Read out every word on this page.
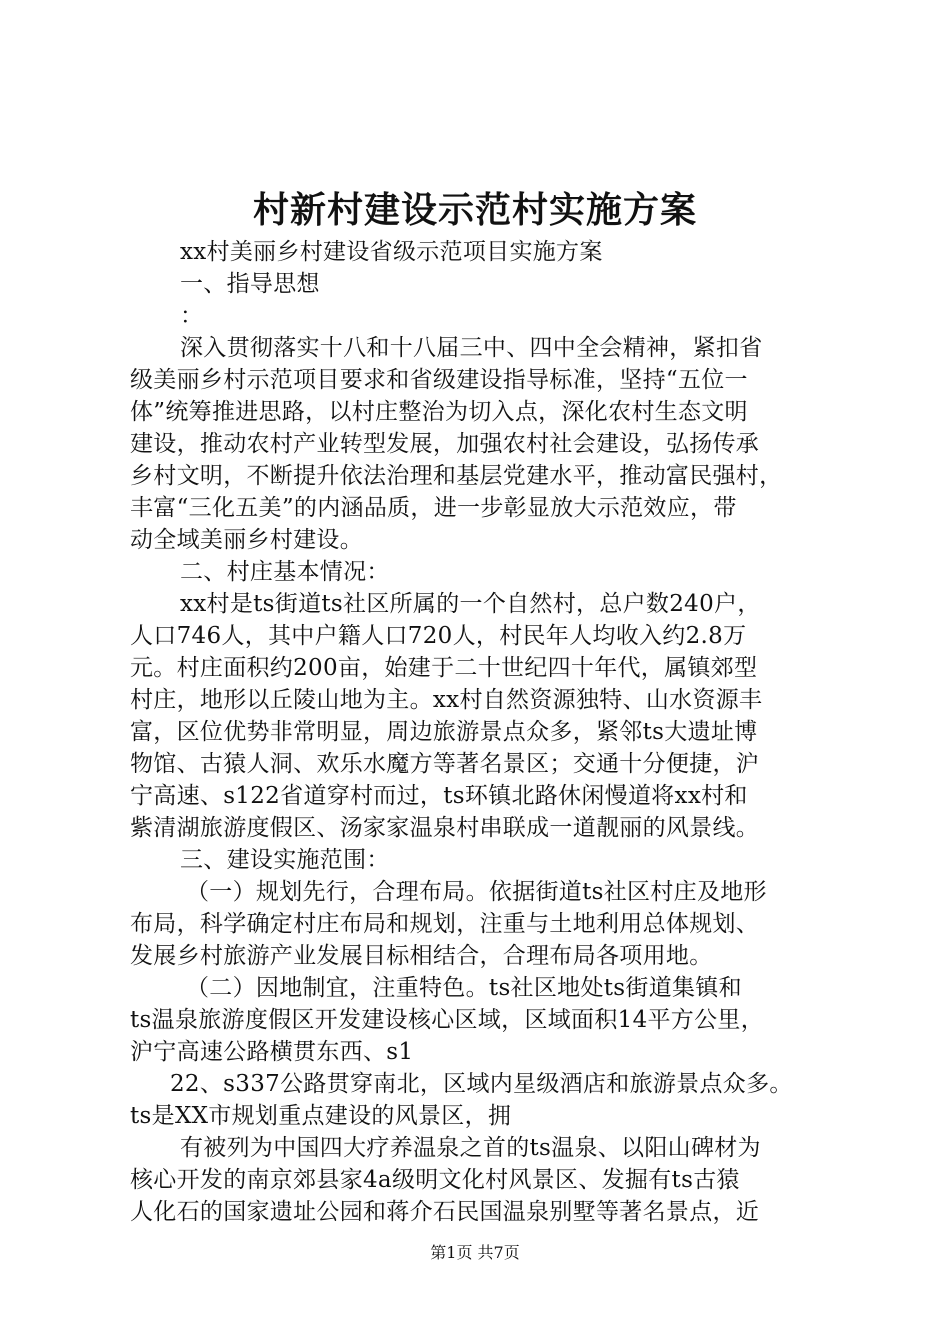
村新村建设示范村实施方案
xx村美丽乡村建设省级示范项目实施方案
一、指导思想
：
深入贯彻落实十八和十八届三中、四中全会精神，紧扣省
级美丽乡村示范项目要求和省级建设指导标准，坚持“五位一
体”统筹推进思路，以村庄整治为切入点，深化农村生态文明
建设，推动农村产业转型发展，加强农村社会建设，弘扬传承
乡村文明，不断提升依法治理和基层党建水平，推动富民强村，
丰富“三化五美”的内涵品质，进一步彰显放大示范效应，带
动全域美丽乡村建设。
二、村庄基本情况：
xx村是ts街道ts社区所属的一个自然村，总户数240户，
人口746人，其中户籍人口720人，村民年人均收入约2.8万
元。村庄面积约200亩，始建于二十世纪四十年代，属镇郊型
村庄，地形以丘陵山地为主。xx村自然资源独特、山水资源丰
富，区位优势非常明显，周边旅游景点众多，紧邻ts大遗址博
物馆、古猿人洞、欢乐水魔方等著名景区；交通十分便捷，沪
宁高速、s122省道穿村而过，ts环镇北路休闲慢道将xx村和
紫清湖旅游度假区、汤家家温泉村串联成一道靓丽的风景线。
三、建设实施范围：
（一）规划先行，合理布局。依据街道ts社区村庄及地形
布局，科学确定村庄布局和规划，注重与土地利用总体规划、
发展乡村旅游产业发展目标相结合，合理布局各项用地。
（二）因地制宜，注重特色。ts社区地处ts街道集镇和
ts温泉旅游度假区开发建设核心区域，区域面积14平方公里，
沪宁高速公路横贯东西、s1
22、s337公路贯穿南北，区域内星级酒店和旅游景点众多。
ts是XX市规划重点建设的风景区，拥
有被列为中国四大疗养温泉之首的ts温泉、以阳山碑材为
核心开发的南京郊县家4a级明文化村风景区、发掘有ts古猿
人化石的国家遗址公园和蒋介石民国温泉别墅等著名景点，近
第1页 共7页
